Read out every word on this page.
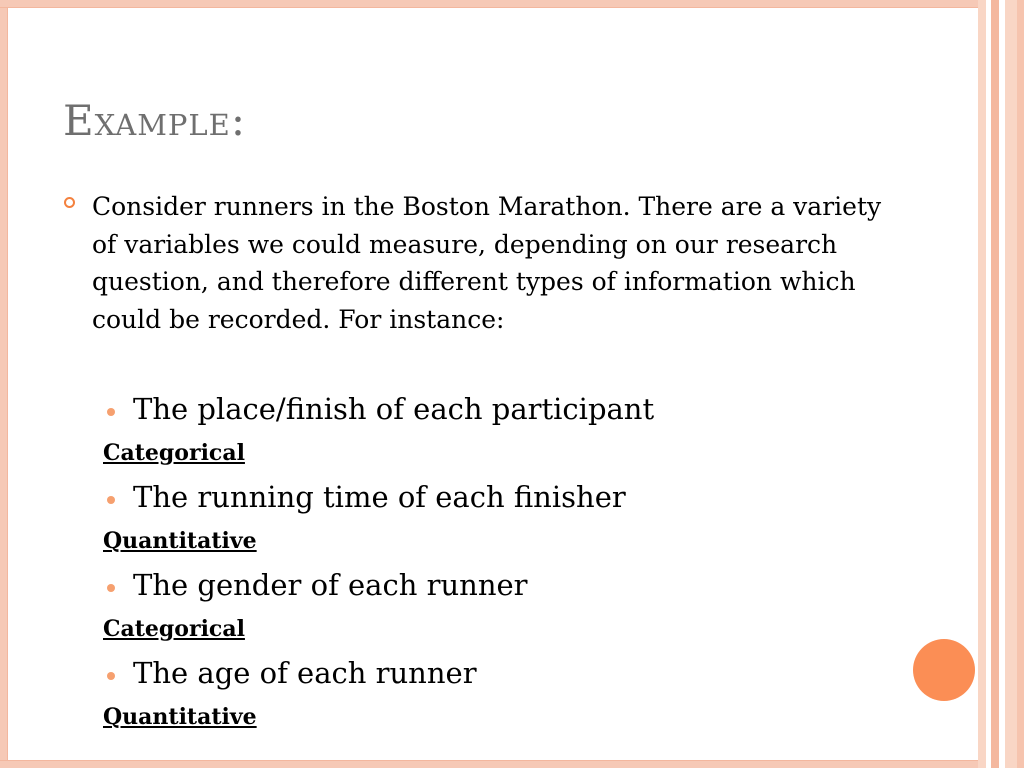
Example:
Consider runners in the Boston Marathon. There are a variety of variables we could measure, depending on our research question, and therefore different types of information which could be recorded. For instance:
The place/finish of each participant
Categorical
The running time of each finisher
Quantitative
The gender of each runner
Categorical
The age of each runner
Quantitative
